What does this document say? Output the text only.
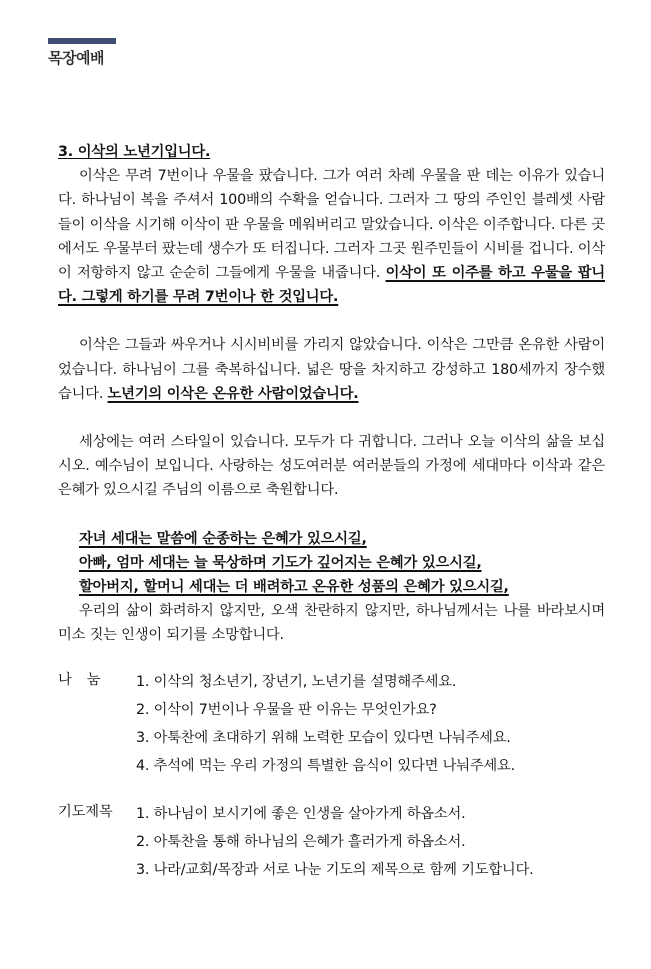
목장예배

3. 이삭의 노년기입니다.

이삭은 무려 7번이나 우물을 팠습니다. 그가 여러 차례 우물을 판 데는 이유가 있습니다. 하나님이 복을 주셔서 100배의 수확을 얻습니다. 그러자 그 땅의 주인인 블레셋 사람들이 이삭을 시기해 이삭이 판 우물을 메워버리고 말았습니다. 이삭은 이주합니다. 다른 곳에서도 우물부터 팠는데 생수가 또 터집니다. 그러자 그곳 원주민들이 시비를 겁니다. 이삭이 저항하지 않고 순순히 그들에게 우물을 내줍니다. 이삭이 또 이주를 하고 우물을 팝니다. 그렇게 하기를 무려 7번이나 한 것입니다.

이삭은 그들과 싸우거나 시시비비를 가리지 않았습니다. 이삭은 그만큼 온유한 사람이었습니다. 하나님이 그를 축복하십니다. 넓은 땅을 차지하고 강성하고 180세까지 장수했습니다. 노년기의 이삭은 온유한 사람이었습니다.

세상에는 여러 스타일이 있습니다. 모두가 다 귀합니다. 그러나 오늘 이삭의 삶을 보십시오. 예수님이 보입니다. 사랑하는 성도여러분 여러분들의 가정에 세대마다 이삭과 같은 은혜가 있으시길 주님의 이름으로 축원합니다.

자녀 세대는 말씀에 순종하는 은혜가 있으시길,

아빠, 엄마 세대는 늘 묵상하며 기도가 깊어지는 은혜가 있으시길,

할아버지, 할머니 세대는 더 배려하고 온유한 성품의 은혜가 있으시길,

우리의 삶이 화려하지 않지만, 오색 찬란하지 않지만, 하나님께서는 나를 바라보시며 미소 짓는 인생이 되기를 소망합니다.

나눔	1. 이삭의 청소년기, 장년기, 노년기를 설명해주세요.
2. 이삭이 7번이나 우물을 판 이유는 무엇인가요?
3. 아툭찬에 초대하기 위해 노력한 모습이 있다면 나눠주세요.
4. 추석에 먹는 우리 가정의 특별한 음식이 있다면 나눠주세요.
기도제목	1. 하나님이 보시기에 좋은 인생을 살아가게 하옵소서.
2. 아툭찬을 통해 하나님의 은혜가 흘러가게 하옵소서.
3. 나라/교회/목장과 서로 나눈 기도의 제목으로 함께 기도합니다.
